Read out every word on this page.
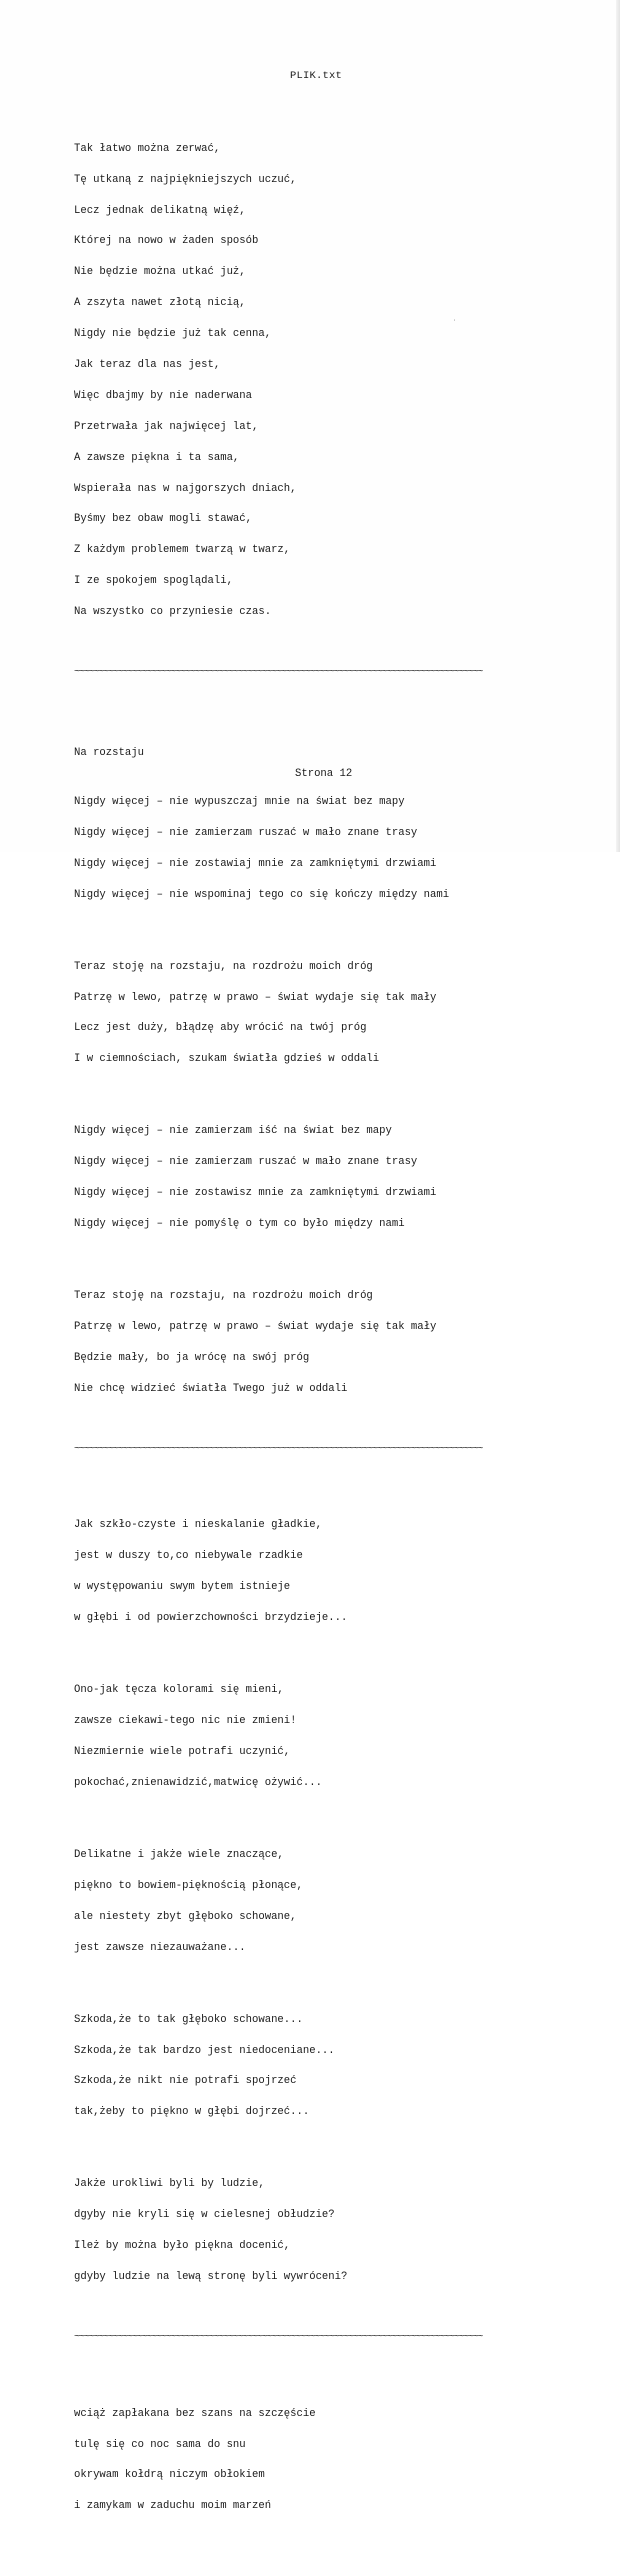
PLIK.txt
ʿ

Tak łatwo można zerwać,

Tę utkaną z najpiękniejszych uczuć,

Lecz jednak delikatną więź,

Której na nowo w żaden sposób

Nie będzie można utkać już,

A zszyta nawet złotą nicią,

Nigdy nie będzie już tak cenna,

Jak teraz dla nas jest,

Więc dbajmy by nie naderwana

Przetrwała jak najwięcej lat,

A zawsze piękna i ta sama,

Wspierała nas w najgorszych dniach,

Byśmy bez obaw mogli stawać,

Z każdym problemem twarzą w twarz,

I ze spokojem spoglądali,

Na wszystko co przyniesie czas.

~~~~~~~~~~~~~~~~~~~~~~~~~~~~~~~~~~~~~~~~~~~~~~~~~~~~~~~~~~~~~~~~~~~~~~~~~~~~~~~~~~~~~

Na rozstaju

Nigdy więcej – nie wypuszczaj mnie na świat bez mapy

Nigdy więcej – nie zamierzam ruszać w mało znane trasy

Nigdy więcej – nie zostawiaj mnie za zamkniętymi drzwiami

Nigdy więcej – nie wspominaj tego co się kończy między nami

Teraz stoję na rozstaju, na rozdrożu moich dróg

Patrzę w lewo, patrzę w prawo – świat wydaje się tak mały

Lecz jest duży, błądzę aby wrócić na twój próg

I w ciemnościach, szukam światła gdzieś w oddali

Nigdy więcej – nie zamierzam iść na świat bez mapy

Nigdy więcej – nie zamierzam ruszać w mało znane trasy

Nigdy więcej – nie zostawisz mnie za zamkniętymi drzwiami

Nigdy więcej – nie pomyślę o tym co było między nami

Teraz stoję na rozstaju, na rozdrożu moich dróg

Patrzę w lewo, patrzę w prawo – świat wydaje się tak mały

Będzie mały, bo ja wrócę na swój próg

Nie chcę widzieć światła Twego już w oddali

~~~~~~~~~~~~~~~~~~~~~~~~~~~~~~~~~~~~~~~~~~~~~~~~~~~~~~~~~~~~~~~~~~~~~~~~~~~~~~~~~~~~~

Jak szkło-czyste i nieskalanie gładkie,

jest w duszy to,co niebywale rzadkie

w występowaniu swym bytem istnieje

w głębi i od powierzchowności brzydzieje...

Ono-jak tęcza kolorami się mieni,

zawsze ciekawi-tego nic nie zmieni!

Niezmiernie wiele potrafi uczynić,

pokochać,znienawidzić,matwicę ożywić...

Delikatne i jakże wiele znaczące,

piękno to bowiem-pięknością płonące,

ale niestety zbyt głęboko schowane,

jest zawsze niezauważane...

Szkoda,że to tak głęboko schowane...

Szkoda,że tak bardzo jest niedoceniane...

Szkoda,że nikt nie potrafi spojrzeć

tak,żeby to piękno w głębi dojrzeć...

Jakże urokliwi byli by ludzie,

dgyby nie kryli się w cielesnej obłudzie?

Ileż by można było piękna docenić,

gdyby ludzie na lewą stronę byli wywróceni?

~~~~~~~~~~~~~~~~~~~~~~~~~~~~~~~~~~~~~~~~~~~~~~~~~~~~~~~~~~~~~~~~~~~~~~~~~~~~~~~~~~~~~

wciąż zapłakana bez szans na szczęście

tulę się co noc sama do snu

okrywam kołdrą niczym obłokiem

i zamykam w zaduchu moim marzeń

Strona 12
